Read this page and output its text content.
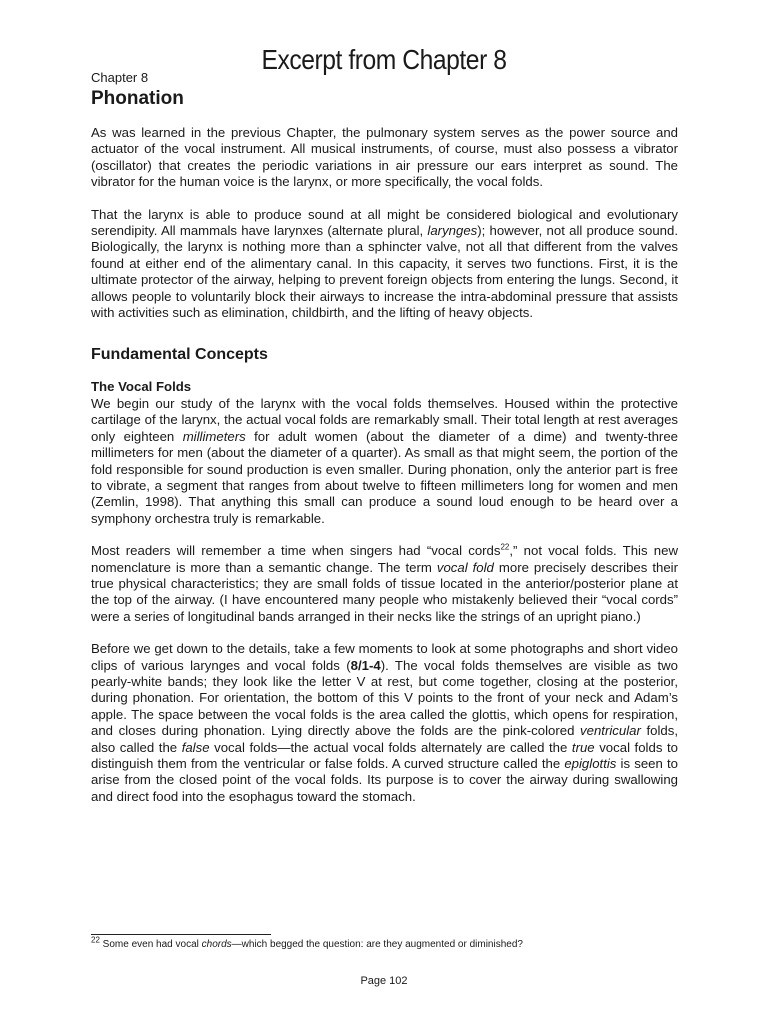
Excerpt from Chapter 8
Chapter 8
Phonation

As was learned in the previous Chapter, the pulmonary system serves as the power source and actuator of the vocal instrument. All musical instruments, of course, must also possess a vibrator (oscillator) that creates the periodic variations in air pressure our ears interpret as sound. The vibrator for the human voice is the larynx, or more specifically, the vocal folds.

That the larynx is able to produce sound at all might be considered biological and evolutionary serendipity. All mammals have larynxes (alternate plural, larynges); however, not all produce sound. Biologically, the larynx is nothing more than a sphincter valve, not all that different from the valves found at either end of the alimentary canal. In this capacity, it serves two functions. First, it is the ultimate protector of the airway, helping to prevent foreign objects from entering the lungs. Second, it allows people to voluntarily block their airways to increase the intra-abdominal pressure that assists with activities such as elimination, childbirth, and the lifting of heavy objects.

Fundamental Concepts
The Vocal Folds

We begin our study of the larynx with the vocal folds themselves. Housed within the protective cartilage of the larynx, the actual vocal folds are remarkably small. Their total length at rest averages only eighteen millimeters for adult women (about the diameter of a dime) and twenty-three millimeters for men (about the diameter of a quarter). As small as that might seem, the portion of the fold responsible for sound production is even smaller. During phonation, only the anterior part is free to vibrate, a segment that ranges from about twelve to fifteen millimeters long for women and men (Zemlin, 1998). That anything this small can produce a sound loud enough to be heard over a symphony orchestra truly is remarkable.

Most readers will remember a time when singers had “vocal cords$^{22}$,” not vocal folds. This new nomenclature is more than a semantic change. The term vocal fold more precisely describes their true physical characteristics; they are small folds of tissue located in the anterior/posterior plane at the top of the airway. (I have encountered many people who mistakenly believed their “vocal cords” were a series of longitudinal bands arranged in their necks like the strings of an upright piano.)

Before we get down to the details, take a few moments to look at some photographs and short video clips of various larynges and vocal folds (8/1-4). The vocal folds themselves are visible as two pearly-white bands; they look like the letter V at rest, but come together, closing at the posterior, during phonation. For orientation, the bottom of this V points to the front of your neck and Adam’s apple. The space between the vocal folds is the area called the glottis, which opens for respiration, and closes during phonation. Lying directly above the folds are the pink-colored ventricular folds, also called the false vocal folds—the actual vocal folds alternately are called the true vocal folds to distinguish them from the ventricular or false folds. A curved structure called the epiglottis is seen to arise from the closed point of the vocal folds. Its purpose is to cover the airway during swallowing and direct food into the esophagus toward the stomach.

$^{22}$ Some even had vocal chords—which begged the question: are they augmented or diminished?
Page 102
